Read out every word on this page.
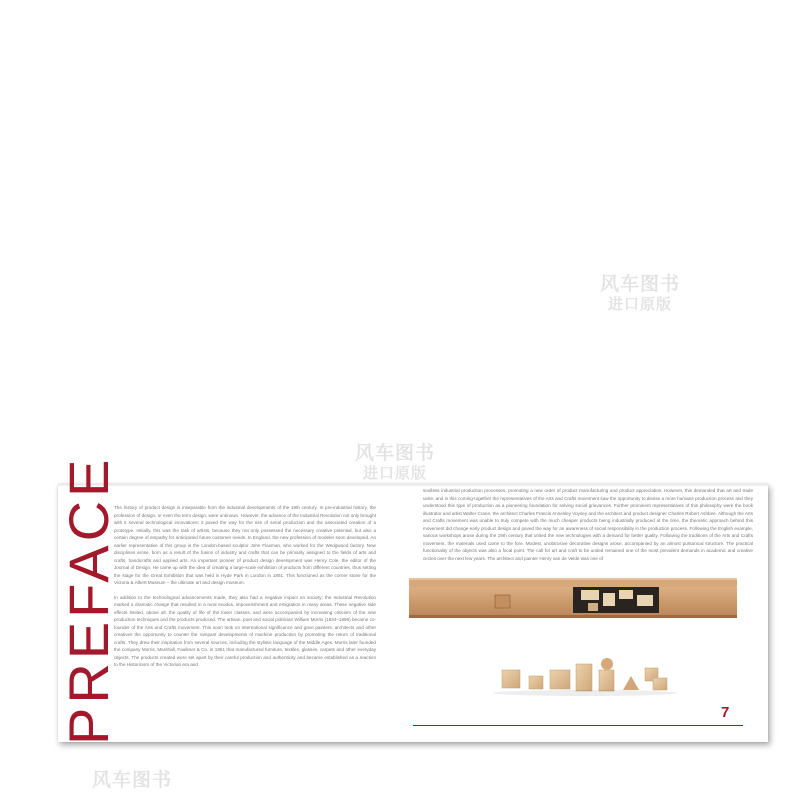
风车图书
进口原版
风车图书
进口原版
风车图书
PREFACE

The history of product design is inseparable from the industrial developments of the 19th century. In pre-industrial history, the profession of design, or even the term design, were unknown. However, the advance of the Industrial Revolution not only brought with it several technological innovations; it paved the way for the rise of serial production and the associated creation of a prototype. Initially, this was the task of artists, because they not only possessed the necessary creative potential, but also a certain degree of empathy for anticipated future customer needs. In England, the new profession of modeler soon developed. An earlier representative of this group is the London-based sculptor John Flaxman, who worked for the Wedgwood factory. New disciplines arose, born as a result of the fusion of industry and crafts that can be primarily assigned to the fields of arts and crafts, handicrafts and applied arts. An important pioneer of product design development was Henry Cole, the editor of the Journal of Design. He came up with the idea of creating a large-scale exhibition of products from different countries, thus setting the stage for the Great Exhibition that was held in Hyde Park in London in 1851. This functioned as the corner stone for the Victoria & Albert Museum – the ultimate art and design museum.

In addition to the technological advancements made, they also had a negative impact on society; the Industrial Revolution marked a dramatic change that resulted in a rural exodus, impoverishment and emigration in many areas. These negative side effects limited, above all, the quality of life of the lower classes, and were accompanied by increasing criticism of the new production techniques and the products produced. The artisan, poet and social politician William Morris (1834–1896) became co-founder of the Arts and Crafts movement. This soon took on international significance and gave painters, architects and other creatives the opportunity to counter the rampant developments of machine production by promoting the return of traditional crafts. They drew their inspiration from several sources, including the stylistic language of the Middle Ages. Morris later founded the company Morris, Marshall, Faulkner & Co. in 1861 that manufactured furniture, textiles, glasses, carpets and other everyday objects. The products created were set apart by their careful production and authenticity and became established as a reaction to the Historicism of the Victorian era and

soulless industrial production processes, promoting a new order of product manufacturing and product appreciation. However, this demanded that art and trade unite, and in this coming-together the representatives of the Arts and Crafts movement saw the opportunity to devise a more humane production process and they understood this type of production as a pioneering foundation for solving social grievances. Further prominent representatives of this philosophy were the book illustrator and artist Walter Crane, the architect Charles Francis Annesley Voysey and the architect and product designer Charles Robert Ashbee. Although the Arts and Crafts movement was unable to truly compete with the much cheaper products being industrially produced at the time, the theoretic approach behind this movement did change early product design and paved the way for an awareness of social responsibility in the production process. Following the English example, various workshops arose during the 19th century that united the new technologies with a demand for better quality. Following the traditions of the Arts and Crafts movement, the materials used came to the fore. Modest, unobtrusive decorative designs arose, accompanied by an almost puritanical structure. The practical functionality of the objects was also a focal point. The call for art and craft to be united remained one of the most prevalent demands in academic and creative circles over the next few years. The architect and painter Henry van de Velde was one of

7
